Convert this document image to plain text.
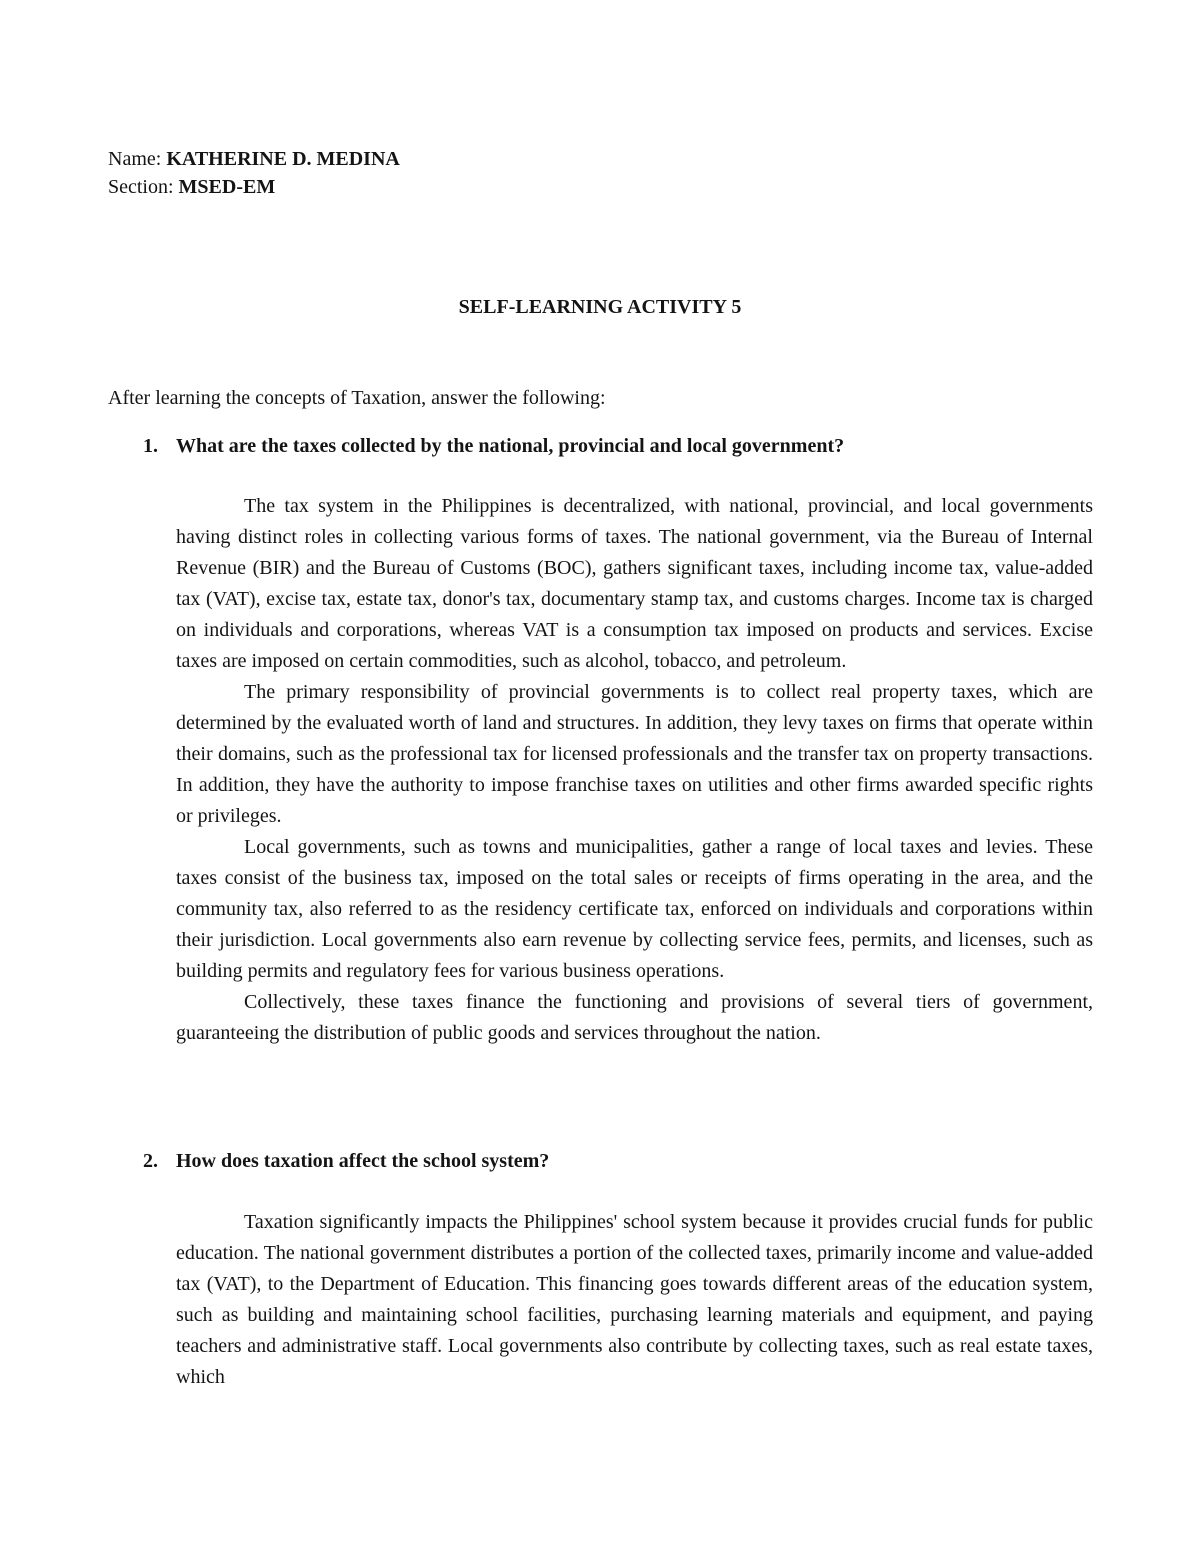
Name: KATHERINE D. MEDINA
Section: MSED-EM
SELF-LEARNING ACTIVITY 5
After learning the concepts of Taxation, answer the following:
1. What are the taxes collected by the national, provincial and local government?

The tax system in the Philippines is decentralized, with national, provincial, and local governments having distinct roles in collecting various forms of taxes. The national government, via the Bureau of Internal Revenue (BIR) and the Bureau of Customs (BOC), gathers significant taxes, including income tax, value-added tax (VAT), excise tax, estate tax, donor's tax, documentary stamp tax, and customs charges. Income tax is charged on individuals and corporations, whereas VAT is a consumption tax imposed on products and services. Excise taxes are imposed on certain commodities, such as alcohol, tobacco, and petroleum.

The primary responsibility of provincial governments is to collect real property taxes, which are determined by the evaluated worth of land and structures. In addition, they levy taxes on firms that operate within their domains, such as the professional tax for licensed professionals and the transfer tax on property transactions. In addition, they have the authority to impose franchise taxes on utilities and other firms awarded specific rights or privileges.

Local governments, such as towns and municipalities, gather a range of local taxes and levies. These taxes consist of the business tax, imposed on the total sales or receipts of firms operating in the area, and the community tax, also referred to as the residency certificate tax, enforced on individuals and corporations within their jurisdiction. Local governments also earn revenue by collecting service fees, permits, and licenses, such as building permits and regulatory fees for various business operations.

Collectively, these taxes finance the functioning and provisions of several tiers of government, guaranteeing the distribution of public goods and services throughout the nation.

2. How does taxation affect the school system?

Taxation significantly impacts the Philippines' school system because it provides crucial funds for public education. The national government distributes a portion of the collected taxes, primarily income and value-added tax (VAT), to the Department of Education. This financing goes towards different areas of the education system, such as building and maintaining school facilities, purchasing learning materials and equipment, and paying teachers and administrative staff. Local governments also contribute by collecting taxes, such as real estate taxes, which
